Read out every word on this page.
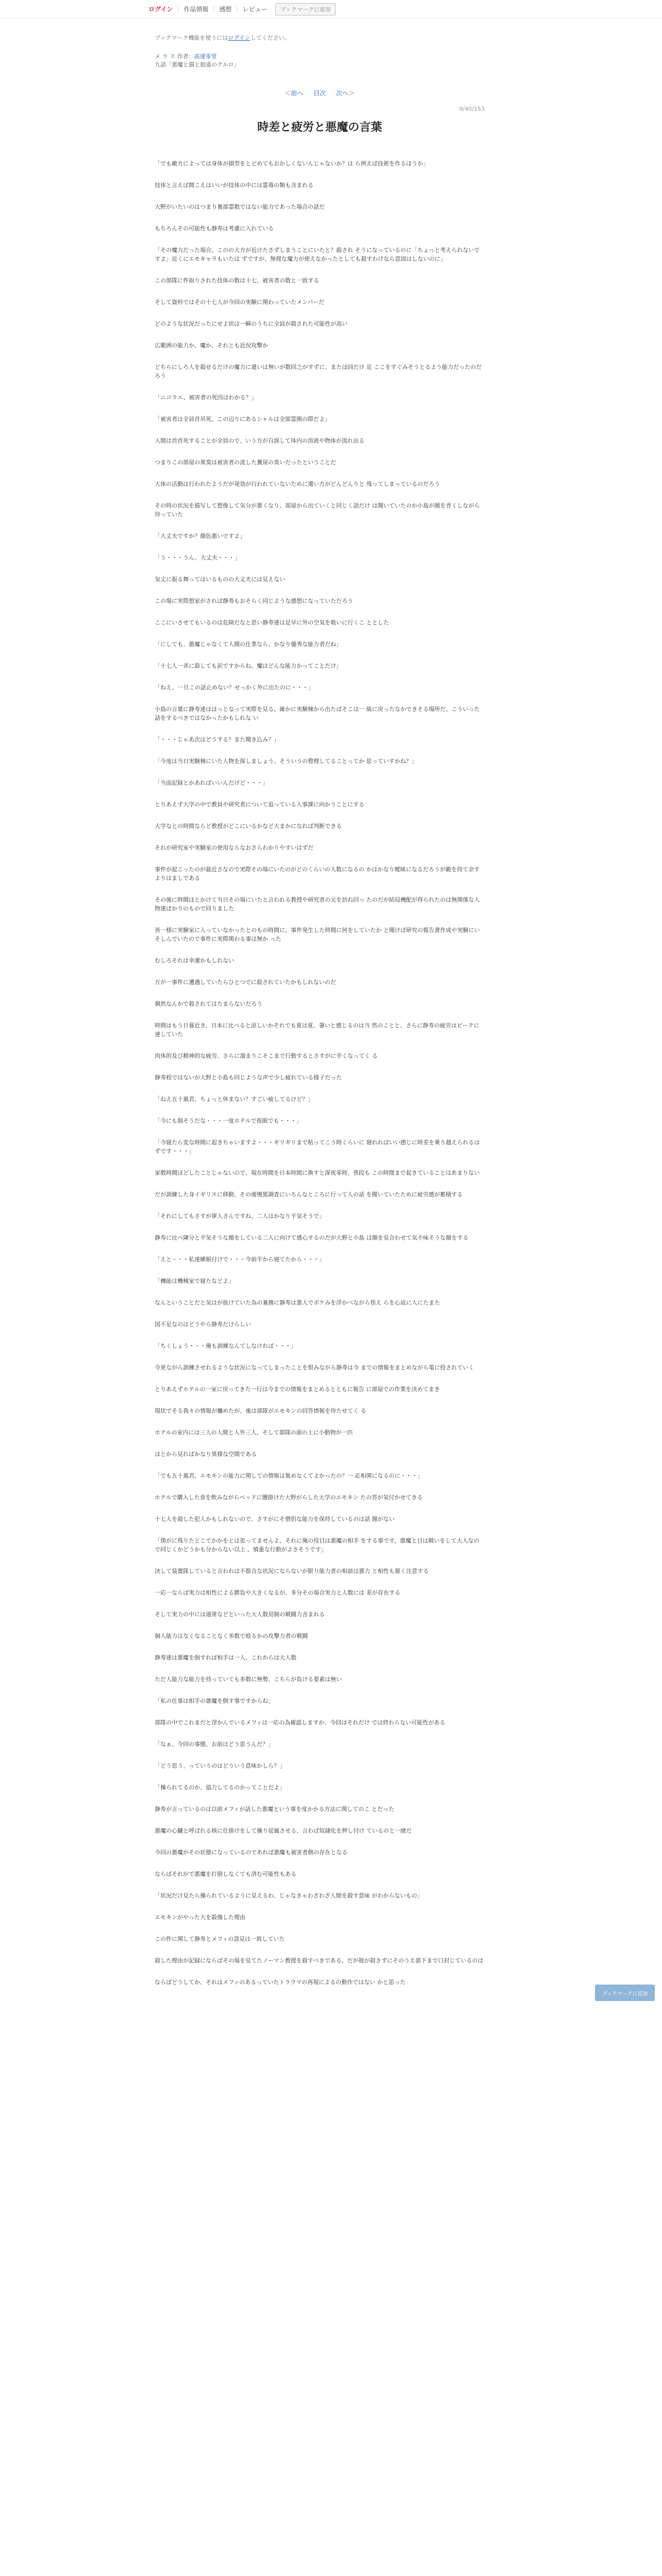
ログイン	作品情報	感想	レビュー	ブックマークに追加
ブックマーク機能を使うにはログインしてください。
メ ラ ス 作者：高速零堂
九話「悪魔と猫と拙道のクルロ」
＜前へ 目次 次へ＞
9/40/153
時差と疲労と悪魔の言葉

「でも敵方によっては身体が損型をとどめてもおかしくないんじゃないか？は ら例えば技術を作るほうか」

技体と言えば間こえはいいが技体の中には霊毒の類も含まれる

大野がいたいのはつまり裏部霊数ではない能力であった場合の話だ

もちろんその可能性も静寿は考慮に入れている

「その魔力だった場合、このの大方が近けたさずしまうことにいたと？殺され そうになっているのに「ちょっと考えられないですよ」近くにエモキャラもいたは ずですが、無理な魔力が使えなかったとしても殺すわけなら意図はしないのに」

この部隊に件取りされた技体の数は十七、被害者の数と一致する

そして資料ではその十七人が今回の実験に関わっていたメンバーだ

どのような状況だったにせよ状は一瞬のうちに全員が殺された可能性が高い

広範囲の能力か、魔か、それとも近況攻撃か

どちらにしろ人を殺せるだけの魔力に違いは無いが数回之がすずに、またほ回だけ 足 ここをすぐみそうとるよう能力だったのだろう

「ニコラエ、被害者の死因はわかる？」

「被害者は全員首吊死、この辺りにあるシャルは全部霊園の際だよ」

入間は首首死することが全員ので、いう方が自誤して体内の溶液や物体が流れ出る

つまりこの部屋の異臭は被害者の流した糞尿の臭いだったということだ

大体の活動は行われたようだが発効が行われていないために還い方がどんどんりと 残ってしまっているのだろう

その時の状況を描写して想像して気分が悪くなり、部屋から出ていくと同じく話だけ は聞いていたのか小島が顔を青くしながら待っていた

「大丈夫ですか？顔色悪いですよ」

「う・・・うん、大丈夫・・・」

気丈に振る舞ってはいるものの大丈夫には見えない

この場に実際想家がされば静寿もおそらく同じような感想になっていただろう

ここにいさせてもいるのは危険だなと思い静寿達は足早に外の空気を吸いに行くこ ととした

「にしても、悪魔じゃなくて人間の仕業なら、かなり優秀な能力者だね」

「十七人一斉に殺しても訳ですからね、魔はどんな能力かってことだけ」

「ねえ、一旦この話止めない？せっかく外に出たのに・・・」

小島の言葉に静寿達はほっとなって実際を見る、確かに実験棟から出たばそこは一 級に戻ったなかできそる場所だ、こういった話をするべきではなかったかもしれな い

「・・・じゃあ次はどうする？また聞き込み？」

「今度は当日実験棟にいた人物を探しましょう、そういうの整理してることってか 思っていすかね？」

「当面記録とかあればいいんだけど・・・」

とりあえず大学の中で教員や研究者について追っている入事課に向かうことにする

大学なとの時間ならど教授がどこにいるかなど大まかになれば判断できる

それが研究室や実験室の使用ならなおさらわかりやすいはずだ

事件が起こったのが最近さなので実際その場にいたのがどのくらいの人数になるの かはかなり曖昧になるだろうが範を持て余すよりはましである

その後に時間ほとかけて当日その場にいたと言われる教授や研究者の元を訪ね回っ たのだが結局機配が得られたのは無関係な人物達ばかりのもので回りました

皆一様に実験室に入っていなかったとのもの時間に、事件発生した時間に何をしていたか と聞けば研究の報告書作成や実験にいそしんでいたので事件に実際関わる事は無か った

むしろそれは幸運かもしれない

万が一事件に遭遇していたらひとつでに殺されていたかもしれないのだ

偶然なんかで殺されてはたまらないだろう

時間はもう日暮近き、日本に比べると涼しいかそれでも夏は夏、暑いと感じるのは当 然のことと、さらに静寿の疲労はピークに達していた

肉体的及び精神的な疲労、さらに溜まりこそこまで行動するとさすがに辛くなってく る

静寿程ではないが大野と小島も同じような声で少し疲れている様子だった

「ねえ五十嵐君、ちょっと休まない？すごい疲してるけど？」

「今にも倒そうだな・・・一度ホテルで仮眠でも・・・」

「今寝たら変な時間に起きちゃいますよ・・・ギリギリまで粘ってこう時くらいに 寝れればいい感じに時差を乗り越えられるはずです・・・」

家数時間ほどしたことじゃないので、現在時間を日本時間に換すと深夜零時、普段も この時間まで起きていることはあまりない

だが訓練した身イギリスに移動、その後慢罵調査にいろんなところに行って人の話 を聞いていたために疲労感が蓄積する

「それにしてもさすが軍人さんですね、二人はかなり平気そうで」

静寿に比べ隣分と平気そうな顔をしている二人に向けて感心するのだが大野と小島 は顔を見合わせて気不味そうな顔をする

「えと・・・私達睡眠付けで・・・今前半から寝てたから・・・」

「機能は機械室で寝たなどよ」

なんということだと気はが抜けていた為の兼務に静寿は悪人でボケみを浮かべながら悟え らを心底に人にたまた

図不足なのはどうやら静寿だけらしい

「ちくしょう・・・俺も訓練なんてしなければ・・・」

今更ながら訓練させれるような状況になってしまったことを恨みながら静寿は今 までの情報をまとめながら電に投されていく

とりあえずホテルの一室に戻ってきた一行は今までの情報をまとめるとともに報告 に部屋での作業を決めてまき

現状でそる我々の情報が纏めたが、後は部隊がエモキンの回答情報を待たせてく る

ホテルの室内には三人の人間と人外三人、そして部隊の頭の上に小動物が一匹

ほとから見ればかなり異様な空間である

「でも五十嵐君、エモキンの能力に関しての情報は集めなくてよかったの？一 応相関になるのに・・・」

ホテルで購入した食を飲みながらベッドに腰掛けた大野がらした大学のエモキン たの答が気付かせてきる

十七人を殺した犯人かもしれないので、さすがにそ僧侶な能力を保持しているのは話 題がない

「僕がに残りたとこでかかをとは思ってませんよ、それに俺の役目は悪魔の相手 をする事です、悪魔と目は戦いをして大人なので同じくかどうかも分からない以上 、慎重な行動がよさそうです」

決して装置隊していると言われは不都合な状況にならないが限り能力者の相談は悪力 と相性も悪く注意する

一応一ならば実力は相性による勝負や大きくなるが、多分その場合実力と人数には 差が存在する

そして実力の中には通常などといった大人数用制の戦闘力含まれる

個人能力はなくなることなく多数で殴るかの攻撃力者の戦闘

静寿達は悪魔を倒すれば相手は一人、これからは大人数

ただ人能力な能力を持っていても多数に無勢、こちらが負ける要素は無い

「私の仕事は相手の悪魔を倒す事ですからね」

部隊の中でこれまだと浮かんでいるメフィは一応の為確認しますか、今回はそれだけ では終わらない可能性がある

「なぁ、今回の事態、お前はどう思うんだ？」

「どう思う、っていうのはどういう意味かしら？」

「操られてるのか、協力してるのかってことだよ」

静寿が言っているのは以前メフィが話した悪魔という事を度かかる方法に関してのこ とだった

悪魔の心臓と呼ばれる核に仕掛けをして操り従属させる、言わば奴隷化を押し付け ているのと一緒だ

今回の悪魔がその状態になっているのであれば悪魔も被害者側の存在となる

ならばそれがで悪魔を打倒しなくても済む可能性もある

「状況だけ見たら操られているように見えるわ、じゃなきゃわざわざ人間を殺す意味 がわからないもの」

エモキンがやった大を殺傷した理由

この件に関して静寿とメフィの意見は一致していた

殺した理由が記録にならばその場を見てたノーマン教授を殺すべきである、だが彼が殺さずにそのうえ部下まで口封じているのは

ならばどうしてか、それはメフィのあるっていたトラウマの再現によるの動作ではない かと思った

ブックマークに追加
